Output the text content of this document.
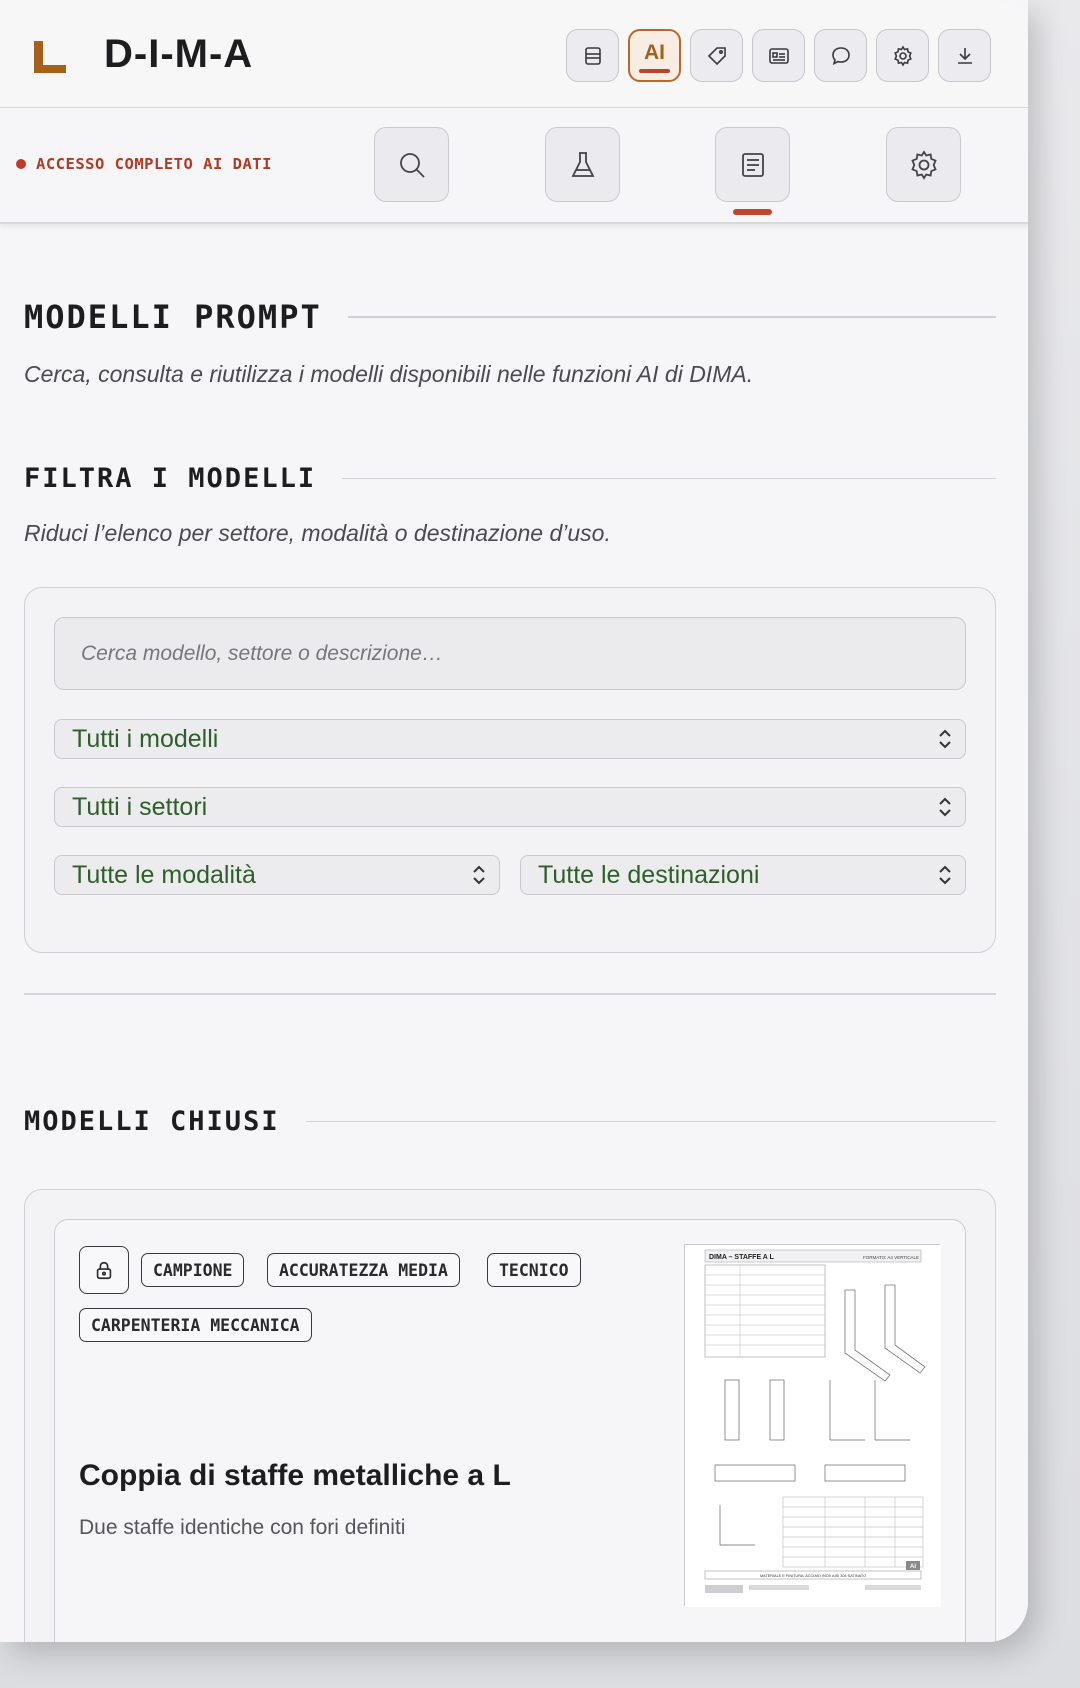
D-I-M-A	AI
ACCESSO COMPLETO AI DATI
MODELLI PROMPT
Cerca, consulta e riutilizza i modelli disponibili nelle funzioni AI di DIMA.
FILTRA I MODELLI
Riduci l’elenco per settore, modalità o destinazione d’uso.
Cerca modello, settore o descrizione…
Tutti i modelli
Tutti i settori
Tutte le modalità	Tutte le destinazioni
MODELLI CHIUSI
CAMPIONE	ACCURATEZZA MEDIA	TECNICO
CARPENTERIA MECCANICA
Coppia di staffe metalliche a L
Due staffe identiche con fori definiti
DIMA – STAFFE A L	FORMATO: A4 VERTICALE
MATERIALE E FINITURA: ACCIAIO INOX AISI 304 SATINATO
AI
